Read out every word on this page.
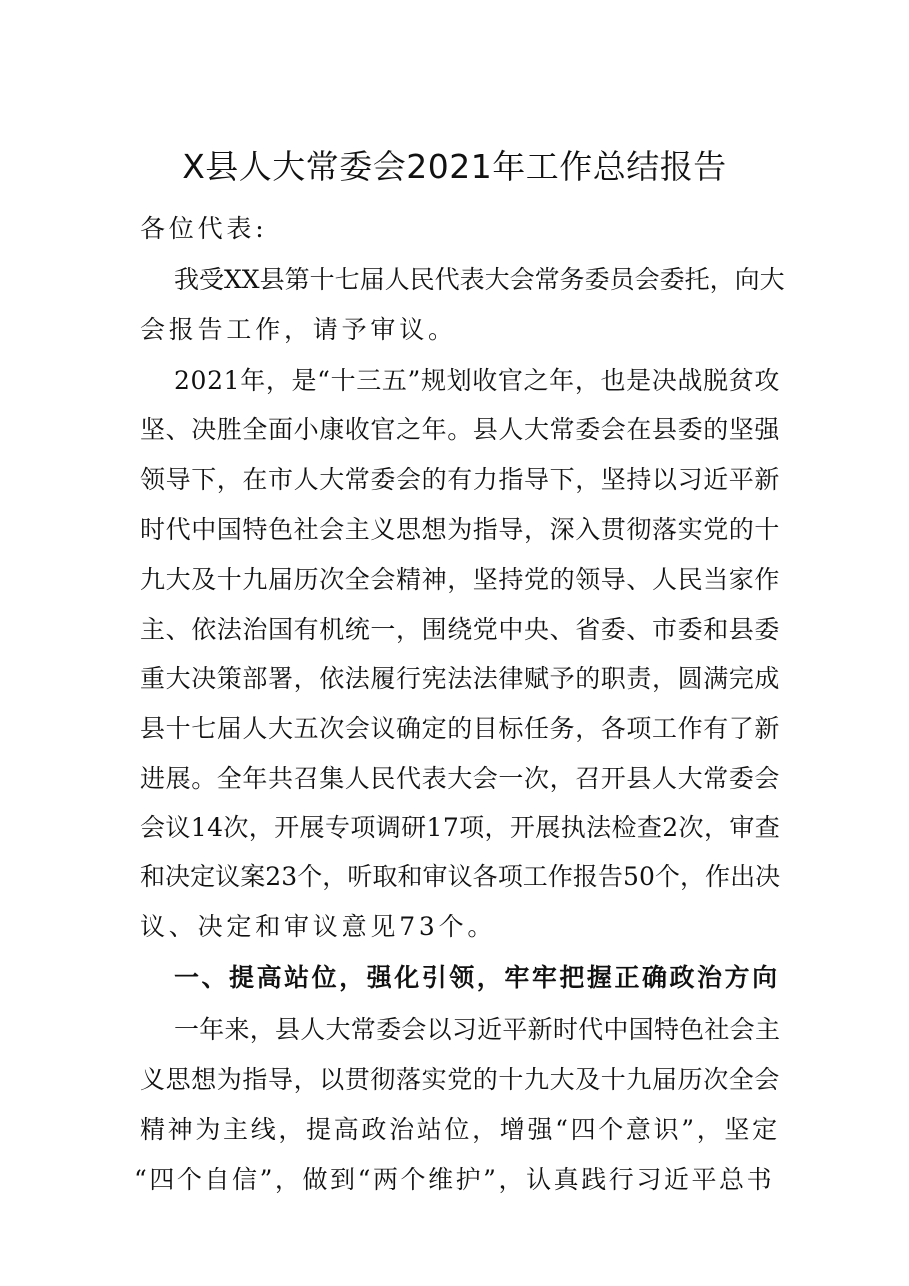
X县人大常委会2021年工作总结报告
各位代表:
我受XX县第十七届人民代表大会常务委员会委托，向大
会报告工作，请予审议。
2021年，是“十三五”规划收官之年，也是决战脱贫攻
坚、决胜全面小康收官之年。县人大常委会在县委的坚强
领导下，在市人大常委会的有力指导下，坚持以习近平新
时代中国特色社会主义思想为指导，深入贯彻落实党的十
九大及十九届历次全会精神，坚持党的领导、人民当家作
主、依法治国有机统一，围绕党中央、省委、市委和县委
重大决策部署，依法履行宪法法律赋予的职责，圆满完成
县十七届人大五次会议确定的目标任务，各项工作有了新
进展。全年共召集人民代表大会一次，召开县人大常委会
会议14次，开展专项调研17项，开展执法检查2次，审查
和决定议案23个，听取和审议各项工作报告50个，作出决
议、决定和审议意见73个。
一、提高站位，强化引领，牢牢把握正确政治方向
一年来，县人大常委会以习近平新时代中国特色社会主
义思想为指导，以贯彻落实党的十九大及十九届历次全会
精神为主线，提高政治站位，增强“四个意识”，坚定
“四个自信”，做到“两个维护”，认真践行习近平总书
